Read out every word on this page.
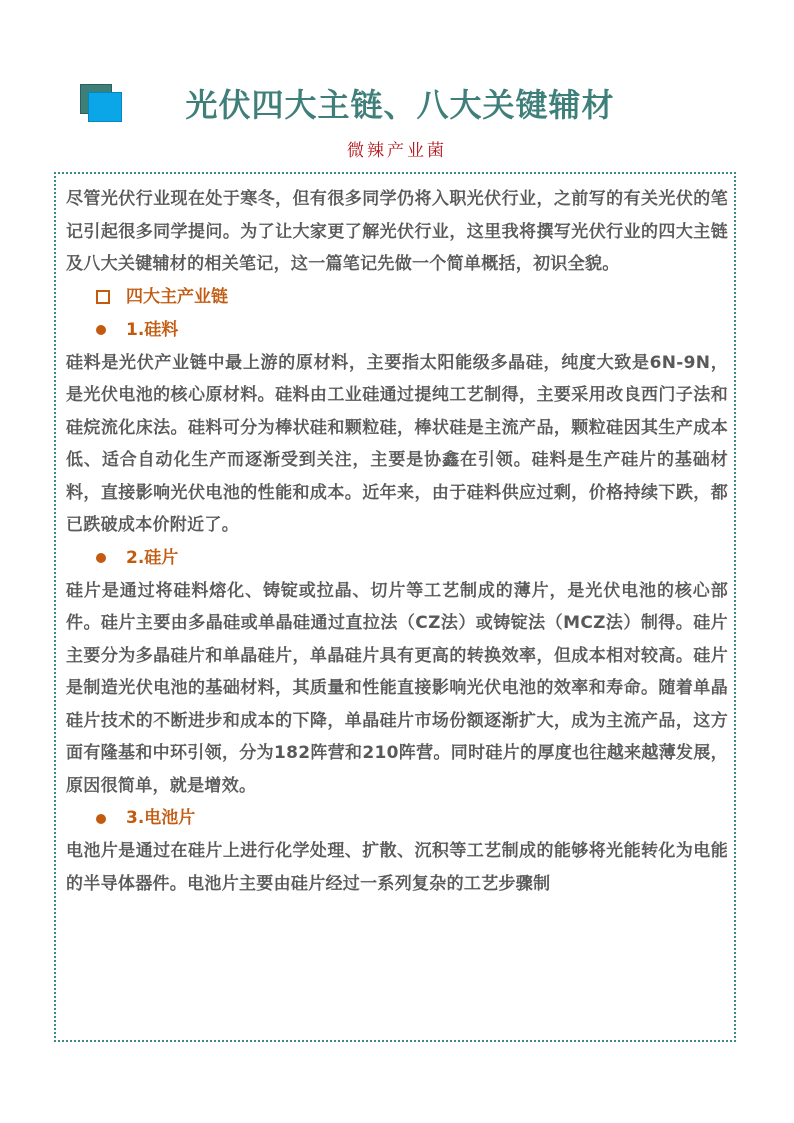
光伏四大主链、八大关键辅材
微辣产业菌

尽管光伏行业现在处于寒冬，但有很多同学仍将入职光伏行业，之前写的有关光伏的笔记引起很多同学提问。为了让大家更了解光伏行业，这里我将撰写光伏行业的四大主链及八大关键辅材的相关笔记，这一篇笔记先做一个简单概括，初识全貌。

四大主产业链
1.硅料

硅料是光伏产业链中最上游的原材料，主要指太阳能级多晶硅，纯度大致是6N-9N，是光伏电池的核心原材料。硅料由工业硅通过提纯工艺制得，主要采用改良西门子法和硅烷流化床法。硅料可分为棒状硅和颗粒硅，棒状硅是主流产品，颗粒硅因其生产成本低、适合自动化生产而逐渐受到关注，主要是协鑫在引领。硅料是生产硅片的基础材料，直接影响光伏电池的性能和成本。近年来，由于硅料供应过剩，价格持续下跌，都已跌破成本价附近了。

2.硅片

硅片是通过将硅料熔化、铸锭或拉晶、切片等工艺制成的薄片，是光伏电池的核心部件。硅片主要由多晶硅或单晶硅通过直拉法（CZ法）或铸锭法（MCZ法）制得。硅片主要分为多晶硅片和单晶硅片，单晶硅片具有更高的转换效率，但成本相对较高。硅片是制造光伏电池的基础材料，其质量和性能直接影响光伏电池的效率和寿命。随着单晶硅片技术的不断进步和成本的下降，单晶硅片市场份额逐渐扩大，成为主流产品，这方面有隆基和中环引领，分为182阵营和210阵营。同时硅片的厚度也往越来越薄发展，原因很简单，就是增效。

3.电池片

电池片是通过在硅片上进行化学处理、扩散、沉积等工艺制成的能够将光能转化为电能的半导体器件。电池片主要由硅片经过一系列复杂的工艺步骤制
